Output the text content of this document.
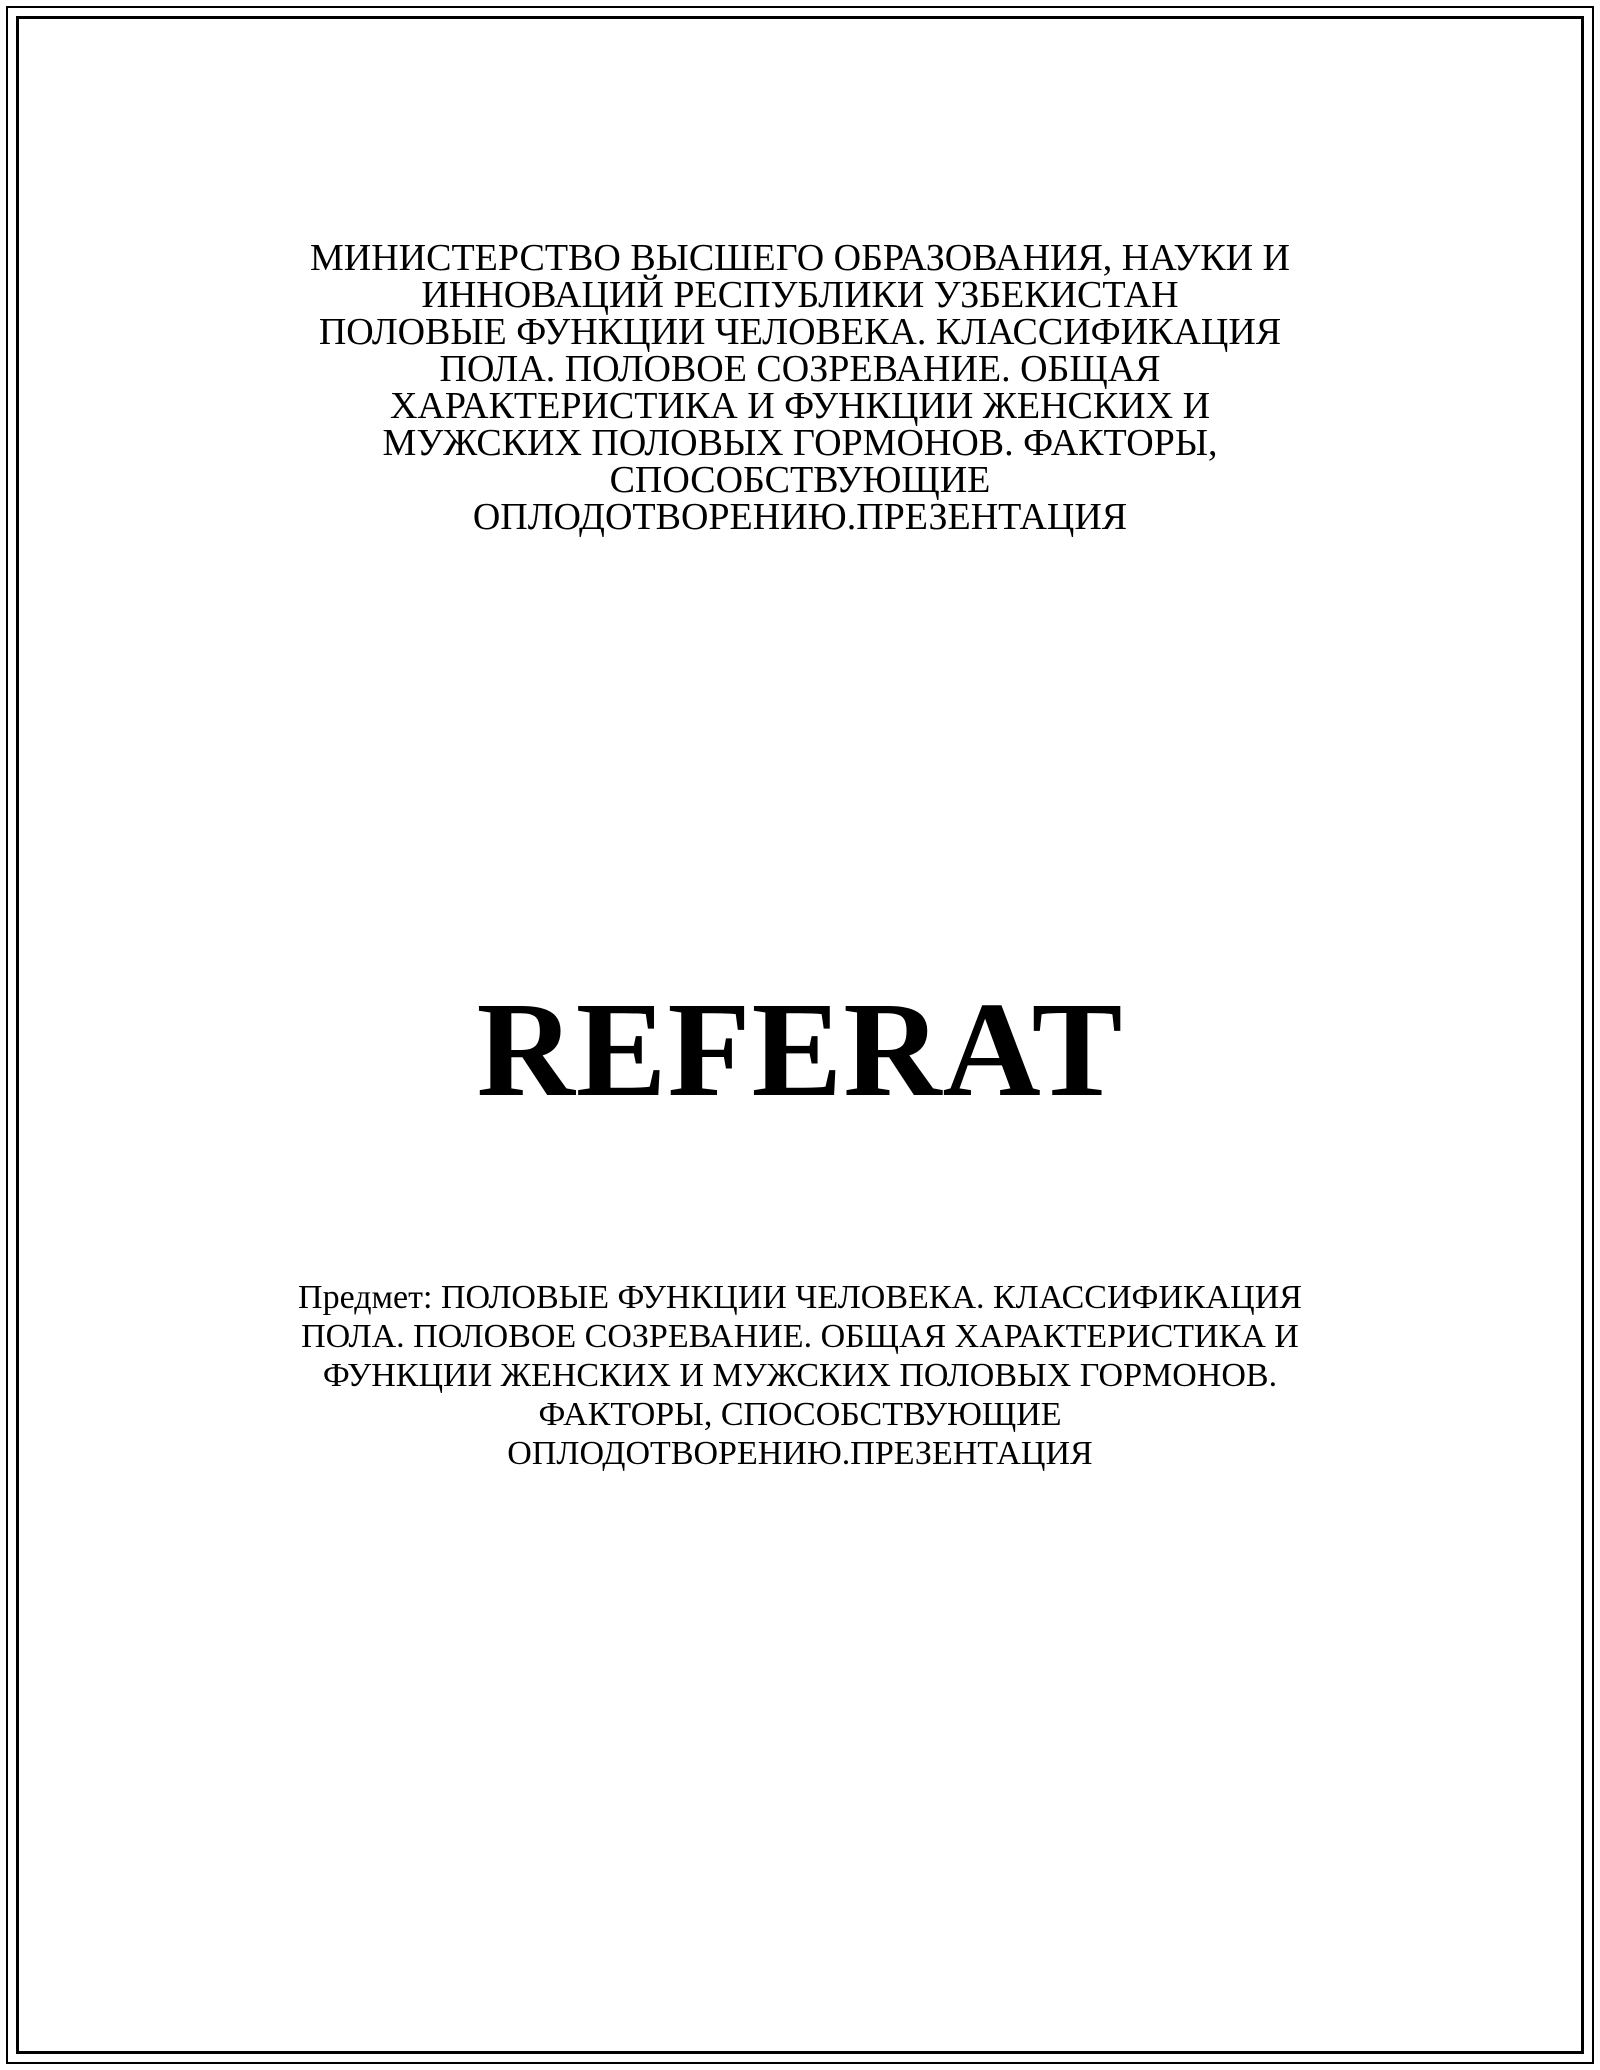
МИНИСТЕРСТВО ВЫСШЕГО ОБРАЗОВАНИЯ, НАУКИ И
ИННОВАЦИЙ РЕСПУБЛИКИ УЗБЕКИСТАН
ПОЛОВЫЕ ФУНКЦИИ ЧЕЛОВЕКА. КЛАССИФИКАЦИЯ
ПОЛА. ПОЛОВОЕ СОЗРЕВАНИЕ. ОБЩАЯ
ХАРАКТЕРИСТИКА И ФУНКЦИИ ЖЕНСКИХ И
МУЖСКИХ ПОЛОВЫХ ГОРМОНОВ. ФАКТОРЫ,
СПОСОБСТВУЮЩИЕ
ОПЛОДОТВОРЕНИЮ.ПРЕЗЕНТАЦИЯ
REFERAT
Предмет: ПОЛОВЫЕ ФУНКЦИИ ЧЕЛОВЕКА. КЛАССИФИКАЦИЯ
ПОЛА. ПОЛОВОЕ СОЗРЕВАНИЕ. ОБЩАЯ ХАРАКТЕРИСТИКА И
ФУНКЦИИ ЖЕНСКИХ И МУЖСКИХ ПОЛОВЫХ ГОРМОНОВ.
ФАКТОРЫ, СПОСОБСТВУЮЩИЕ
ОПЛОДОТВОРЕНИЮ.ПРЕЗЕНТАЦИЯ
